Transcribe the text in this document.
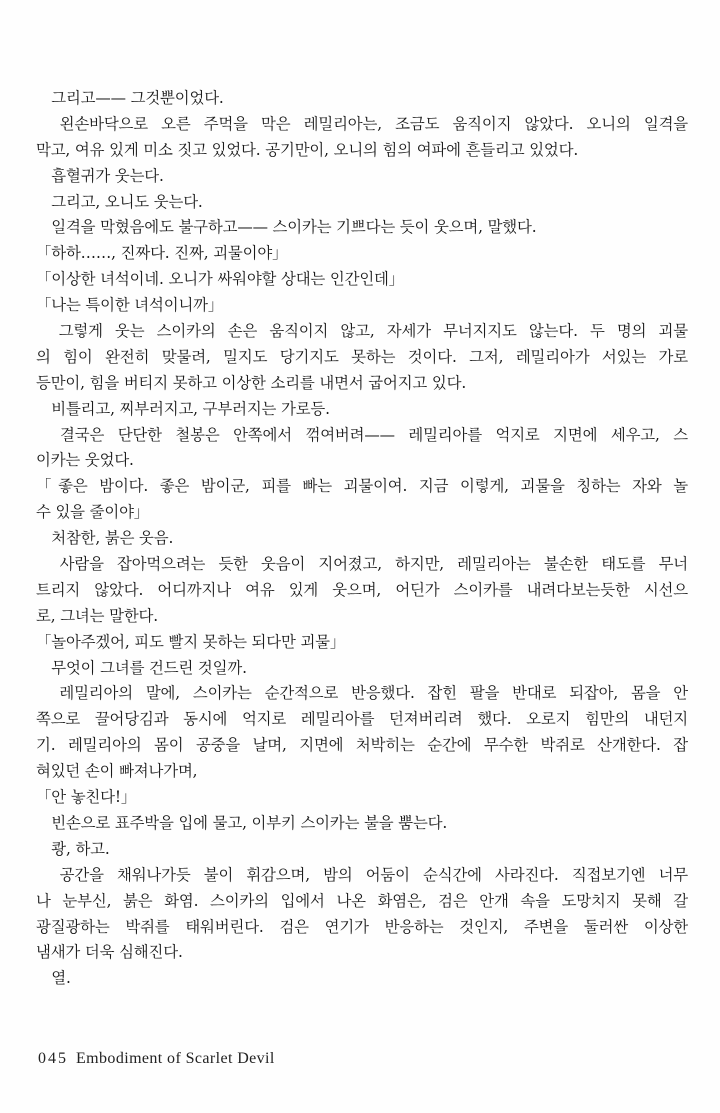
　그리고—— 그것뿐이었다.
　왼손바닥으로 오른 주먹을 막은 레밀리아는, 조금도 움직이지 않았다. 오니의 일격을
막고, 여유 있게 미소 짓고 있었다. 공기만이, 오니의 힘의 여파에 흔들리고 있었다.
　흡혈귀가 웃는다.
　그리고, 오니도 웃는다.
　일격을 막혔음에도 불구하고—— 스이카는 기쁘다는 듯이 웃으며, 말했다.
「하하……, 진짜다. 진짜, 괴물이야」
「이상한 녀석이네. 오니가 싸워야할 상대는 인간인데」
「나는 특이한 녀석이니까」
　그렇게 웃는 스이카의 손은 움직이지 않고, 자세가 무너지지도 않는다. 두 명의 괴물
의 힘이 완전히 맞물려, 밀지도 당기지도 못하는 것이다. 그저, 레밀리아가 서있는 가로
등만이, 힘을 버티지 못하고 이상한 소리를 내면서 굽어지고 있다.
　비틀리고, 찌부러지고, 구부러지는 가로등.
　결국은 단단한 철봉은 안쪽에서 꺾여버려—— 레밀리아를 억지로 지면에 세우고, 스
이카는 웃었다.
「좋은 밤이다. 좋은 밤이군, 피를 빠는 괴물이여. 지금 이렇게, 괴물을 칭하는 자와 놀
수 있을 줄이야」
　처참한, 붉은 웃음.
　사람을 잡아먹으려는 듯한 웃음이 지어졌고, 하지만, 레밀리아는 불손한 태도를 무너
트리지 않았다. 어디까지나 여유 있게 웃으며, 어딘가 스이카를 내려다보는듯한 시선으
로, 그녀는 말한다.
「놀아주겠어, 피도 빨지 못하는 되다만 괴물」
　무엇이 그녀를 건드린 것일까.
　레밀리아의 말에, 스이카는 순간적으로 반응했다. 잡힌 팔을 반대로 되잡아, 몸을 안
쪽으로 끌어당김과 동시에 억지로 레밀리아를 던져버리려 했다. 오로지 힘만의 내던지
기. 레밀리아의 몸이 공중을 날며, 지면에 처박히는 순간에 무수한 박쥐로 산개한다. 잡
혀있던 손이 빠져나가며,
「안 놓친다!」
　빈손으로 표주박을 입에 물고, 이부키 스이카는 불을 뿜는다.
　쾅, 하고.
　공간을 채워나가듯 불이 휘감으며, 밤의 어둠이 순식간에 사라진다. 직접보기엔 너무
나 눈부신, 붉은 화염. 스이카의 입에서 나온 화염은, 검은 안개 속을 도망치지 못해 갈
광질광하는 박쥐를 태워버린다. 검은 연기가 반응하는 것인지, 주변을 둘러싼 이상한
냄새가 더욱 심해진다.
　열.
045 Embodiment of Scarlet Devil
